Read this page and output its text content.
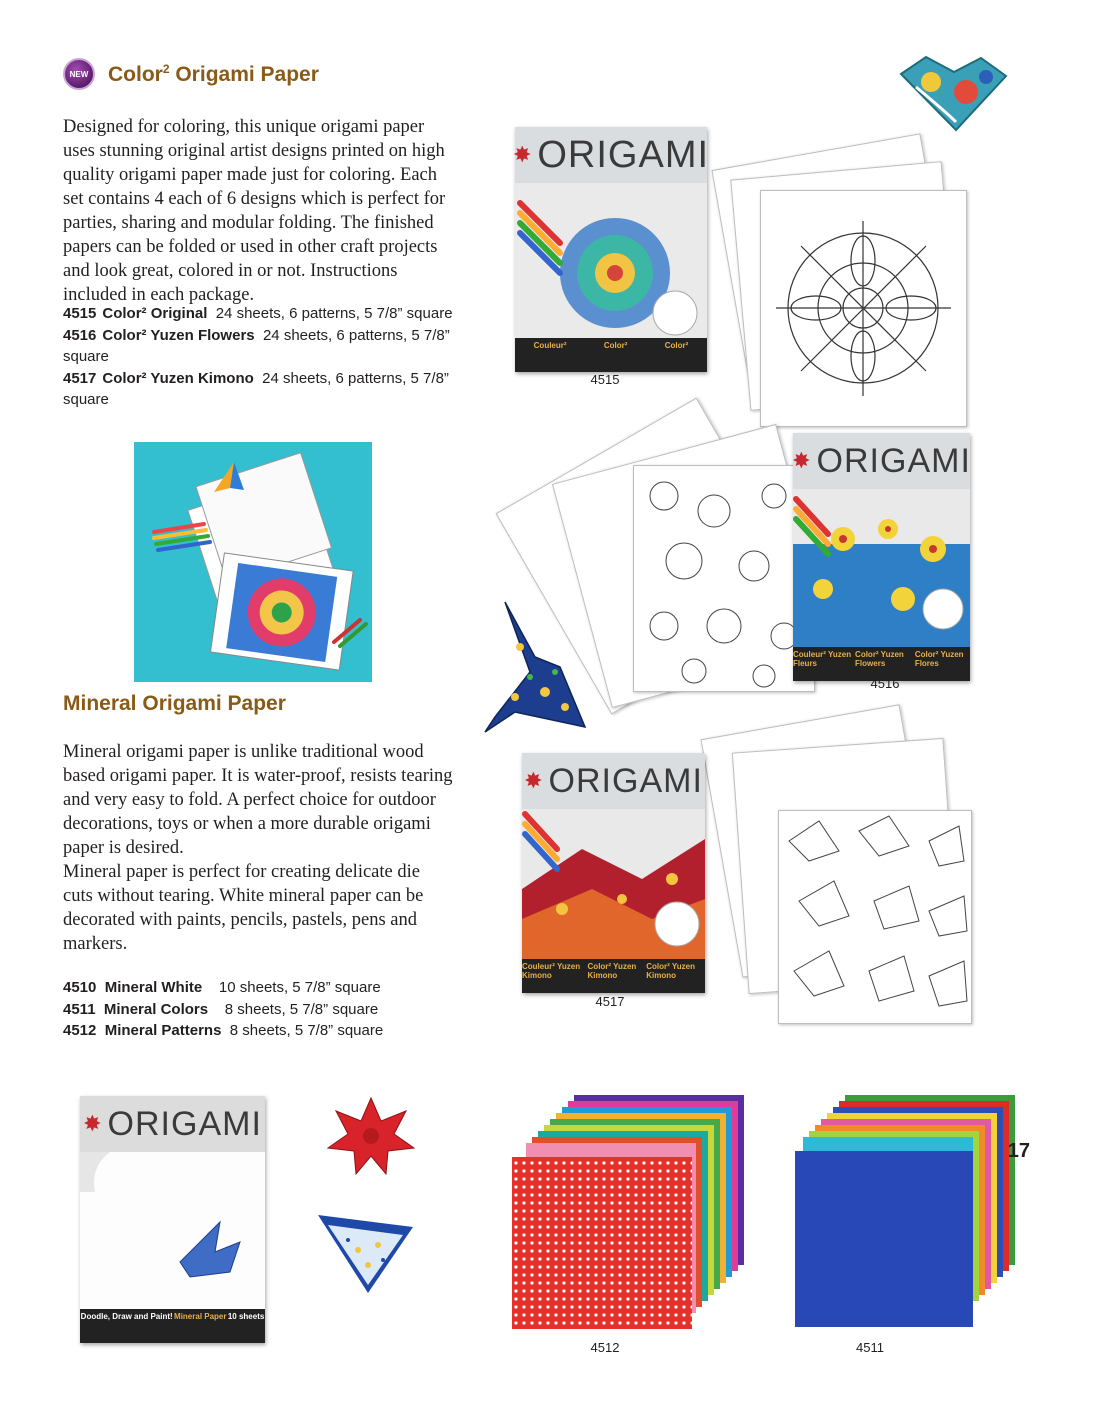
NEW Color$^2$ Origami Paper

Designed for coloring, this unique origami paper uses stunning original artist designs printed on high quality origami paper made just for coloring. Each set contains 4 each of 6 designs which is perfect for parties, sharing and modular folding. The finished papers can be folded or used in other craft projects and look great, colored in or not. Instructions included in each package.

4515 Color² Original 24 sheets, 6 patterns, 5 7/8” square
4516 Color² Yuzen Flowers 24 sheets, 6 patterns, 5 7/8” square
4517 Color² Yuzen Kimono 24 sheets, 6 patterns, 5 7/8” square
Mineral Origami Paper

Mineral origami paper is unlike traditional wood based origami paper. It is water-proof, resists tearing and very easy to fold. A perfect choice for outdoor decorations, toys or when a more durable origami paper is desired.

Mineral paper is perfect for creating delicate die cuts without tearing. White mineral paper can be decorated with paints, pencils, pastels, pens and markers.

4510 Mineral White 10 sheets, 5 7/8” square
4511 Mineral Colors 8 sheets, 5 7/8” square
4512 Mineral Patterns 8 sheets, 5 7/8” square
✸ ORIGAMI
Couleur²	Color²	Color²
4515
✸ ORIGAMI
Couleur² Yuzen Fleurs
Color² Yuzen Flowers
Color² Yuzen Flores
4516
✸ ORIGAMI
Couleur² Yuzen Kimono
Color² Yuzen Kimono
Color² Yuzen Kimono
4517
✸ ORIGAMI
Doodle, Draw and Paint! Mineral Paper 10 sheets
4512	4511
17
